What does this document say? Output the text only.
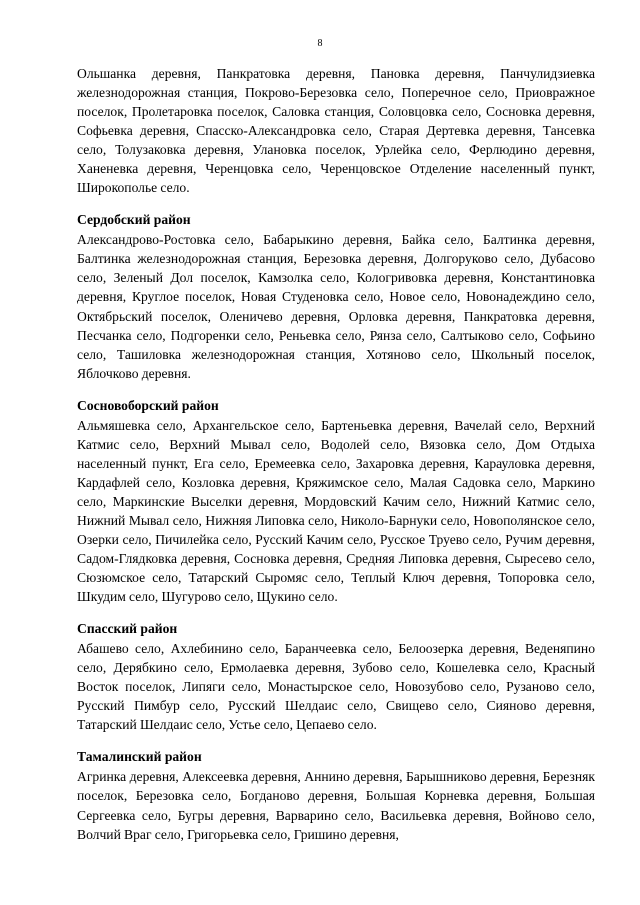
8

Ольшанка деревня, Панкратовка деревня, Пановка деревня, Панчулидзиевка железнодорожная станция, Покрово-Березовка село, Поперечное село, Приовражное поселок, Пролетаровка поселок, Саловка станция, Соловцовка село, Сосновка деревня, Софьевка деревня, Спасско-Александровка село, Старая Дертевка деревня, Тансевка село, Толузаковка деревня, Улановка поселок, Урлейка село, Ферлюдино деревня, Ханеневка деревня, Черенцовка село, Черенцовское Отделение населенный пункт, Широкополье село.

Сердобский район

Александрово-Ростовка село, Бабарыкино деревня, Байка село, Балтинка деревня, Балтинка железнодорожная станция, Березовка деревня, Долгоруково село, Дубасово село, Зеленый Дол поселок, Камзолка село, Кологривовка деревня, Константиновка деревня, Круглое поселок, Новая Студеновка село, Новое село, Новонадеждино село, Октябрьский поселок, Оленичево деревня, Орловка деревня, Панкратовка деревня, Песчанка село, Подгоренки село, Реньевка село, Рянза село, Салтыково село, Софьино село, Ташиловка железнодорожная станция, Хотяново село, Школьный поселок, Яблочково деревня.

Сосновоборский район

Альмяшевка село, Архангельское село, Бартеньевка деревня, Вачелай село, Верхний Катмис село, Верхний Мывал село, Водолей село, Вязовка село, Дом Отдыха населенный пункт, Ега село, Еремеевка село, Захаровка деревня, Карауловка деревня, Кардафлей село, Козловка деревня, Кряжимское село, Малая Садовка село, Маркино село, Маркинские Выселки деревня, Мордовский Качим село, Нижний Катмис село, Нижний Мывал село, Нижняя Липовка село, Николо-Барнуки село, Новополянское село, Озерки село, Пичилейка село, Русский Качим село, Русское Труево село, Ручим деревня, Садом-Глядковка деревня, Сосновка деревня, Средняя Липовка деревня, Сыресево село, Сюзюмское село, Татарский Сыромяс село, Теплый Ключ деревня, Топоровка село, Шкудим село, Шугурово село, Щукино село.

Спасский район

Абашево село, Ахлебинино село, Баранчеевка село, Белоозерка деревня, Веденяпино село, Дерябкино село, Ермолаевка деревня, Зубово село, Кошелевка село, Красный Восток поселок, Липяги село, Монастырское село, Новозубово село, Рузаново село, Русский Пимбур село, Русский Шелдаис село, Свищево село, Сияново деревня, Татарский Шелдаис село, Устье село, Цепаево село.

Тамалинский район

Агринка деревня, Алексеевка деревня, Аннино деревня, Барышниково деревня, Березняк поселок, Березовка село, Богданово деревня, Большая Корневка деревня, Большая Сергеевка село, Бугры деревня, Варварино село, Васильевка деревня, Войново село, Волчий Враг село, Григорьевка село, Гришино деревня,
